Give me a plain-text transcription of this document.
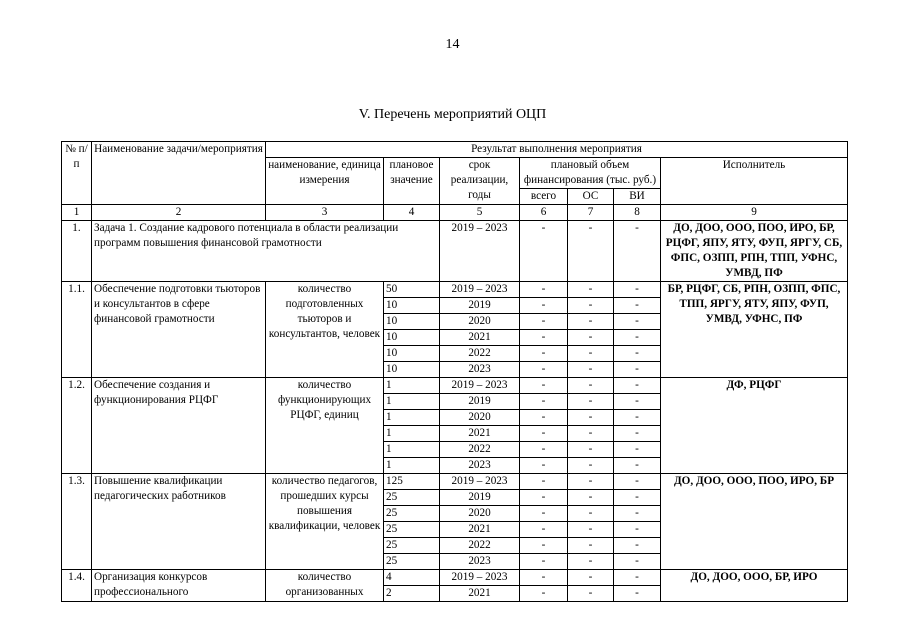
14
V. Перечень мероприятий ОЦП
№ п/п	Наименование задачи/мероприятия	Результат выполнения мероприятия						
		наименование, единица измерения	плановое значение	срок реализации, годы	плановый объем финансирования (тыс. руб.)			Исполнитель
					всего	ОС	ВИ	
1	2	3	4	5	6	7	8	9
1.	Задача 1. Создание кадрового потенциала в области реализации программ повышения финансовой грамотности			2019 – 2023	-	-	-	ДО, ДОО, ООО, ПОО, ИРО, БР, РЦФГ, ЯПУ, ЯТУ, ФУП, ЯРГУ, СБ, ФПС, ОЗПП, РПН, ТПП, УФНС, УМВД, ПФ
1.1.	Обеспечение подготовки тьюторов и консультантов в сфере финансовой грамотности	количество подготовленных тьюторов и консультантов, человек	50	2019 – 2023	-	-	-	БР, РЦФГ, СБ, РПН, ОЗПП, ФПС, ТПП, ЯРГУ, ЯТУ, ЯПУ, ФУП, УМВД, УФНС, ПФ
			10	2019	-	-	-	
			10	2020	-	-	-	
			10	2021	-	-	-	
			10	2022	-	-	-	
			10	2023	-	-	-	
1.2.	Обеспечение создания и функционирования РЦФГ	количество функционирующих РЦФГ, единиц	1	2019 – 2023	-	-	-	ДФ, РЦФГ
			1	2019	-	-	-	
			1	2020	-	-	-	
			1	2021	-	-	-	
			1	2022	-	-	-	
			1	2023	-	-	-	
1.3.	Повышение квалификации педагогических работников	количество педагогов, прошедших курсы повышения квалификации, человек	125	2019 – 2023	-	-	-	ДО, ДОО, ООО, ПОО, ИРО, БР
			25	2019	-	-	-	
			25	2020	-	-	-	
			25	2021	-	-	-	
			25	2022	-	-	-	
			25	2023	-	-	-	
1.4.	Организация конкурсов профессионального	количество организованных	4	2019 – 2023	-	-	-	ДО, ДОО, ООО, БР, ИРО
			2	2021	-	-	-	
